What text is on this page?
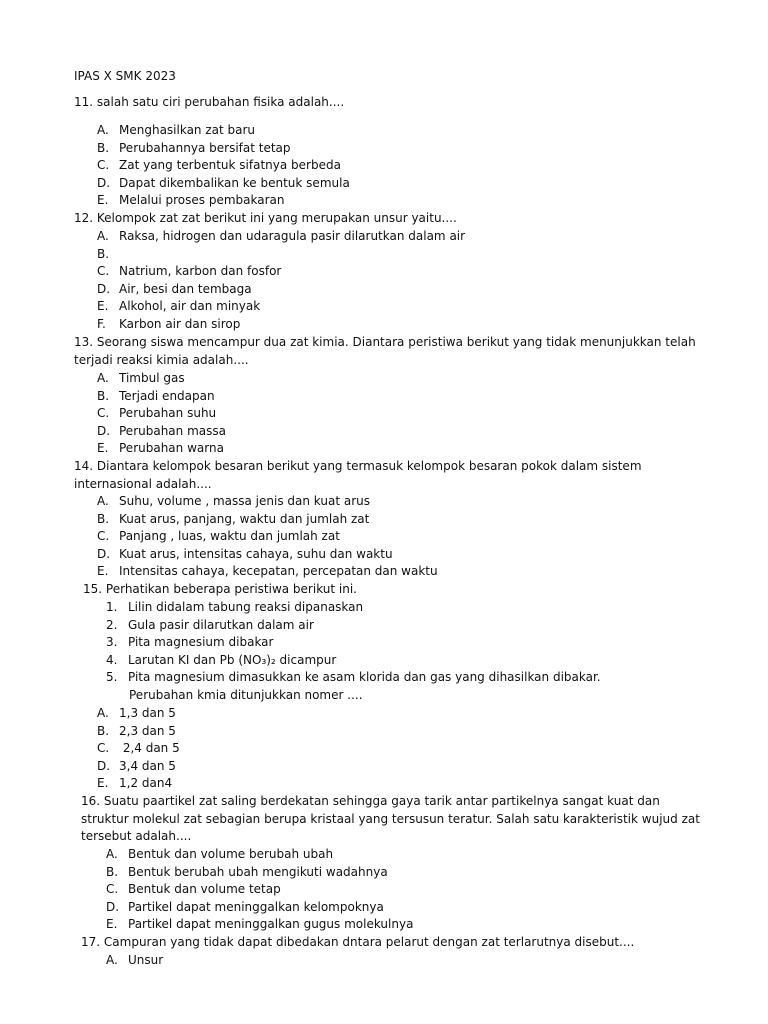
IPAS X SMK 2023
11. salah satu ciri perubahan fisika adalah....
A. Menghasilkan zat baru
B. Perubahannya bersifat tetap
C. Zat yang terbentuk sifatnya berbeda
D. Dapat dikembalikan ke bentuk semula
E. Melalui proses pembakaran
12. Kelompok zat zat berikut ini yang merupakan unsur yaitu....
A. Raksa, hidrogen dan udaragula pasir dilarutkan dalam air
B.
C. Natrium, karbon dan fosfor
D. Air, besi dan tembaga
E. Alkohol, air dan minyak
F.	Karbon air dan sirop
13. Seorang siswa mencampur dua zat kimia. Diantara peristiwa berikut yang tidak menunjukkan telah terjadi reaksi kimia adalah....
A. Timbul gas
B. Terjadi endapan
C. Perubahan suhu
D. Perubahan massa
E. Perubahan warna
14. Diantara kelompok besaran berikut yang termasuk kelompok besaran pokok dalam sistem internasional adalah....
A. Suhu, volume , massa jenis dan kuat arus
B. Kuat arus, panjang, waktu dan jumlah zat
C. Panjang , luas, waktu dan jumlah zat
D. Kuat arus, intensitas cahaya, suhu dan waktu
E. Intensitas cahaya, kecepatan, percepatan dan waktu
15. Perhatikan beberapa peristiwa berikut ini.
1. Lilin didalam tabung reaksi dipanaskan
2. Gula pasir dilarutkan dalam air
3. Pita magnesium dibakar
4. Larutan KI dan Pb (NO₃)₂ dicampur
5. Pita magnesium dimasukkan ke asam klorida dan gas yang dihasilkan dibakar.
Perubahan kmia ditunjukkan nomer ....
A. 1,3 dan 5
B. 2,3 dan 5
C. 2,4 dan 5
D. 3,4 dan 5
E. 1,2 dan4
16. Suatu paartikel zat saling berdekatan sehingga gaya tarik antar partikelnya sangat kuat dan struktur molekul zat sebagian berupa kristaal yang tersusun teratur. Salah satu karakteristik wujud zat tersebut adalah....
A. Bentuk dan volume berubah ubah
B. Bentuk berubah ubah mengikuti wadahnya
C. Bentuk dan volume tetap
D. Partikel dapat meninggalkan kelompoknya
E. Partikel dapat meninggalkan gugus molekulnya
17. Campuran yang tidak dapat dibedakan dntara pelarut dengan zat terlarutnya disebut....
A. Unsur
